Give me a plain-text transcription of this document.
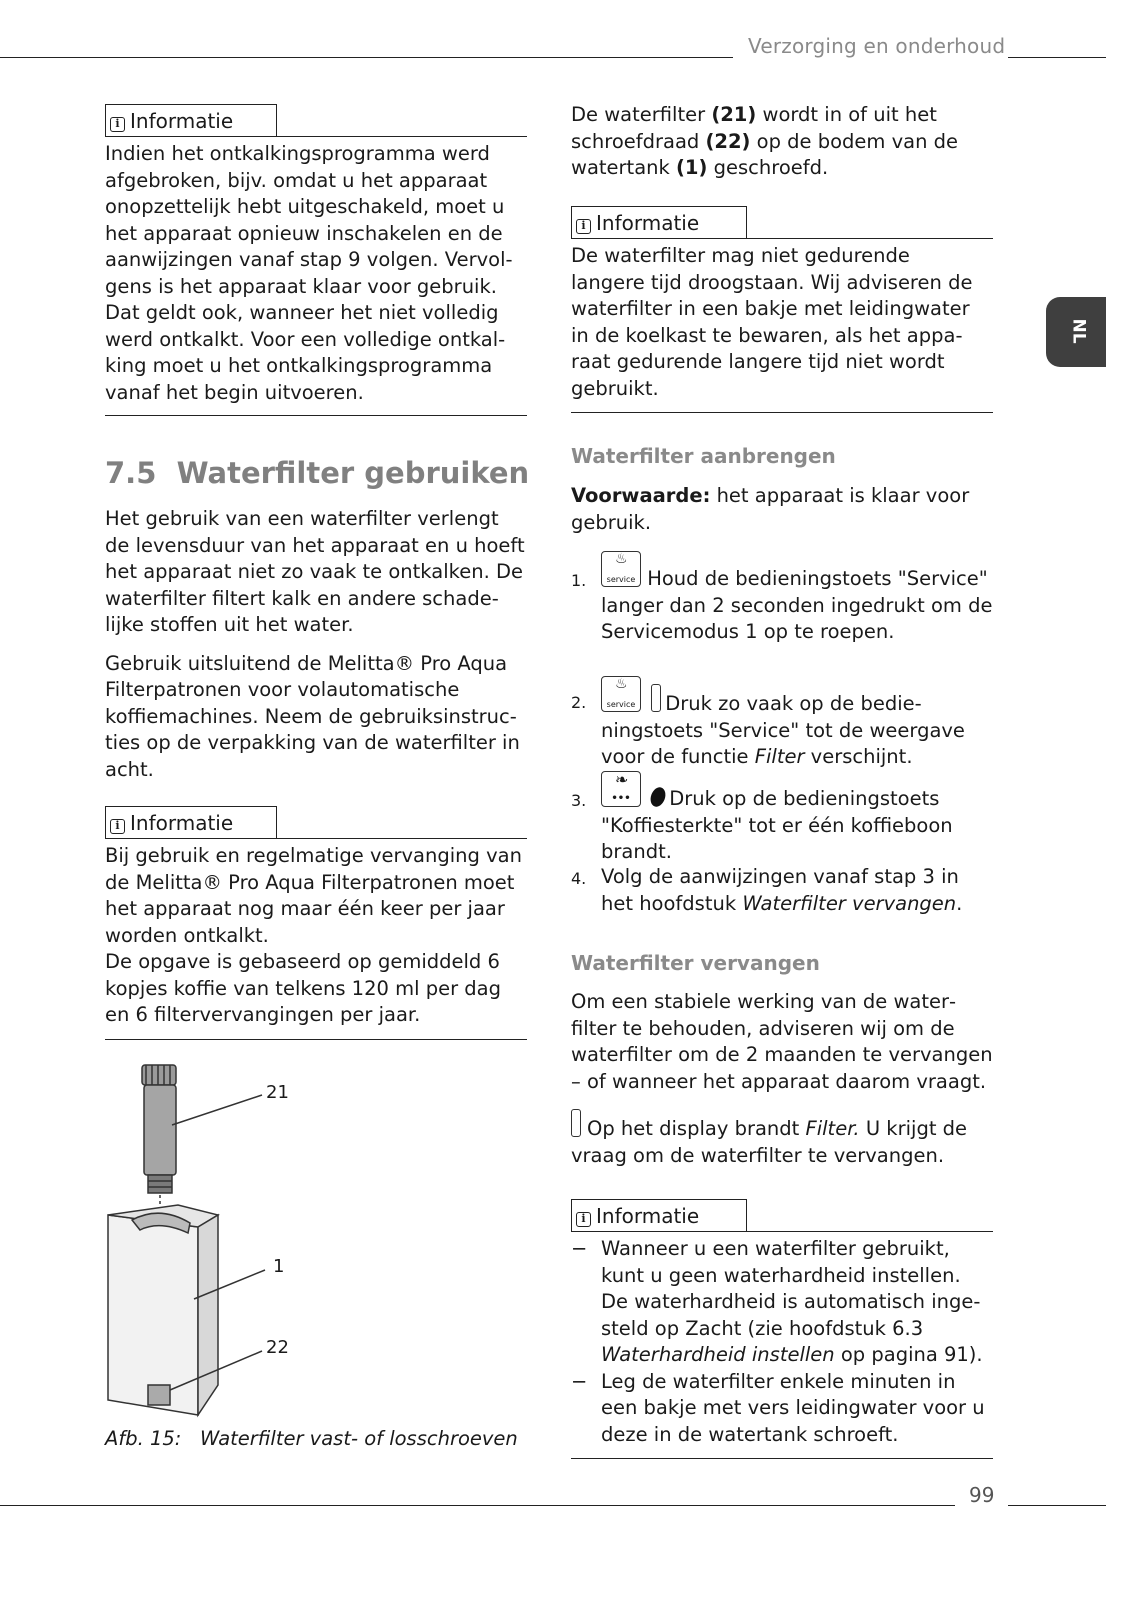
Verzorging en onderhoud
NL
i Informatie

Indien het ontkalkingsprogramma werd afgebroken, bijv. omdat u het apparaat onopzettelijk hebt uitgeschakeld, moet u het apparaat opnieuw inschakelen en de aanwijzingen vanaf stap 9 volgen. Vervolgens is het apparaat klaar voor gebruik. Dat geldt ook, wanneer het niet volledig werd ontkalkt. Voor een volledige ontkalking moet u het ontkalkingsprogramma vanaf het begin uitvoeren.

7.5 Waterfilter gebruiken

Het gebruik van een waterfilter verlengt de levensduur van het apparaat en u hoeft het apparaat niet zo vaak te ontkalken. De waterfilter filtert kalk en andere schadelijke stoffen uit het water.

Gebruik uitsluitend de Melitta® Pro Aqua Filterpatronen voor volautomatische koffiemachines. Neem de gebruiksinstructies op de verpakking van de waterfilter in acht.

i Informatie

Bij gebruik en regelmatige vervanging van de Melitta® Pro Aqua Filterpatronen moet het apparaat nog maar één keer per jaar worden ontkalkt.

De opgave is gebaseerd op gemiddeld 6 kopjes koffie van telkens 120 ml per dag en 6 filtervervangingen per jaar.

21
1
22
Afb. 15: Waterfilter vast- of losschroeven

De waterfilter (21) wordt in of uit het schroefdraad (22) op de bodem van de watertank (1) geschroefd.

i Informatie

De waterfilter mag niet gedurende langere tijd droogstaan. Wij adviseren de waterfilter in een bakje met leidingwater in de koelkast te bewaren, als het apparaat gedurende langere tijd niet wordt gebruikt.

Waterfilter aanbrengen

Voorwaarde: het apparaat is klaar voor gebruik.

1.
♨
service Houd de bedieningstoets "Service" langer dan 2 seconden ingedrukt om de Servicemodus 1 op te roepen.
2.
♨
service Druk zo vaak op de bedieningstoets "Service" tot de weergave voor de functie Filter verschijnt.
3.
❧
•••	Druk op de bedieningstoets "Koffiesterkte" tot er één koffieboon brandt.
4. Volg de aanwijzingen vanaf stap 3 in het hoofdstuk Waterfilter vervangen.
Waterfilter vervangen

Om een stabiele werking van de waterfilter te behouden, adviseren wij om de waterfilter om de 2 maanden te vervangen – of wanneer het apparaat daarom vraagt.

Op het display brandt Filter. U krijgt de vraag om de waterfilter te vervangen.

i Informatie
− Wanneer u een waterfilter gebruikt, kunt u geen waterhardheid instellen. De waterhardheid is automatisch ingesteld op Zacht (zie hoofdstuk 6.3 Waterhardheid instellen op pagina 91).
− Leg de waterfilter enkele minuten in een bakje met vers leidingwater voor u deze in de watertank schroeft.
99
